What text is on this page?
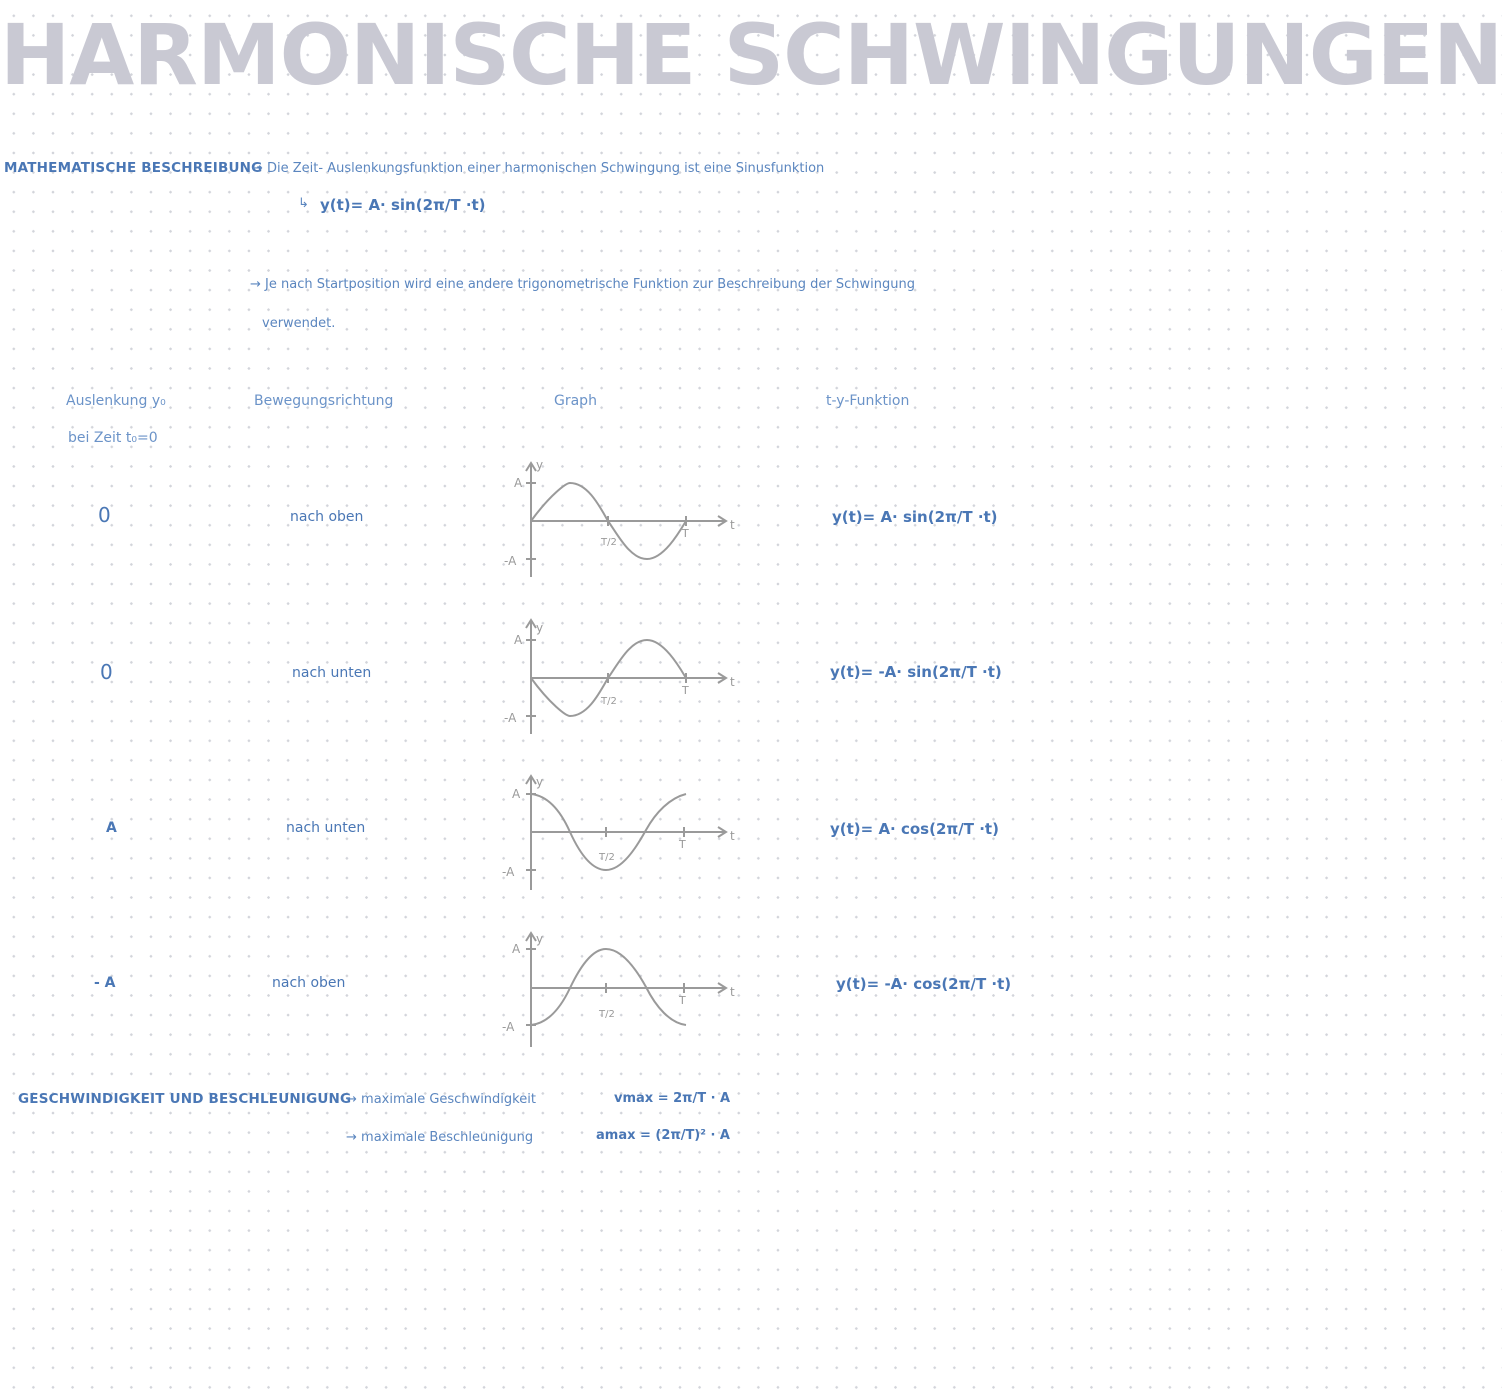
HARMONISCHE SCHWINGUNGEN
MATHEMATISCHE BESCHREIBUNG
→ Die Zeit- Auslenkungsfunktion einer harmonischen Schwingung ist eine Sinusfunktion
↳ y(t)= A· sin(2π/T ·t)
→ Je nach Startposition wird eine andere trigonometrische Funktion zur Beschreibung der Schwingung
verwendet.
Auslenkung y₀
bei Zeit t₀=0
Bewegungsrichtung	Graph	t-y-Funktion
0	nach oben	y(t)= A· sin(2π/T ·t)
0	nach unten	y(t)= -A· sin(2π/T ·t)
A	nach unten	y(t)= A· cos(2π/T ·t)
- A	nach oben	y(t)= -A· cos(2π/T ·t)
A
-A
y
t
T
T/2
A
-A
y
t
T
T/2
A
-A
y
t
T
T/2
A
-A
y
t
T
T/2
GESCHWINDIGKEIT UND BESCHLEUNIGUNG
→ maximale Geschwindigkeit	vmax = 2π/T · A
→ maximale Beschleunigung	amax = (2π/T)² · A
